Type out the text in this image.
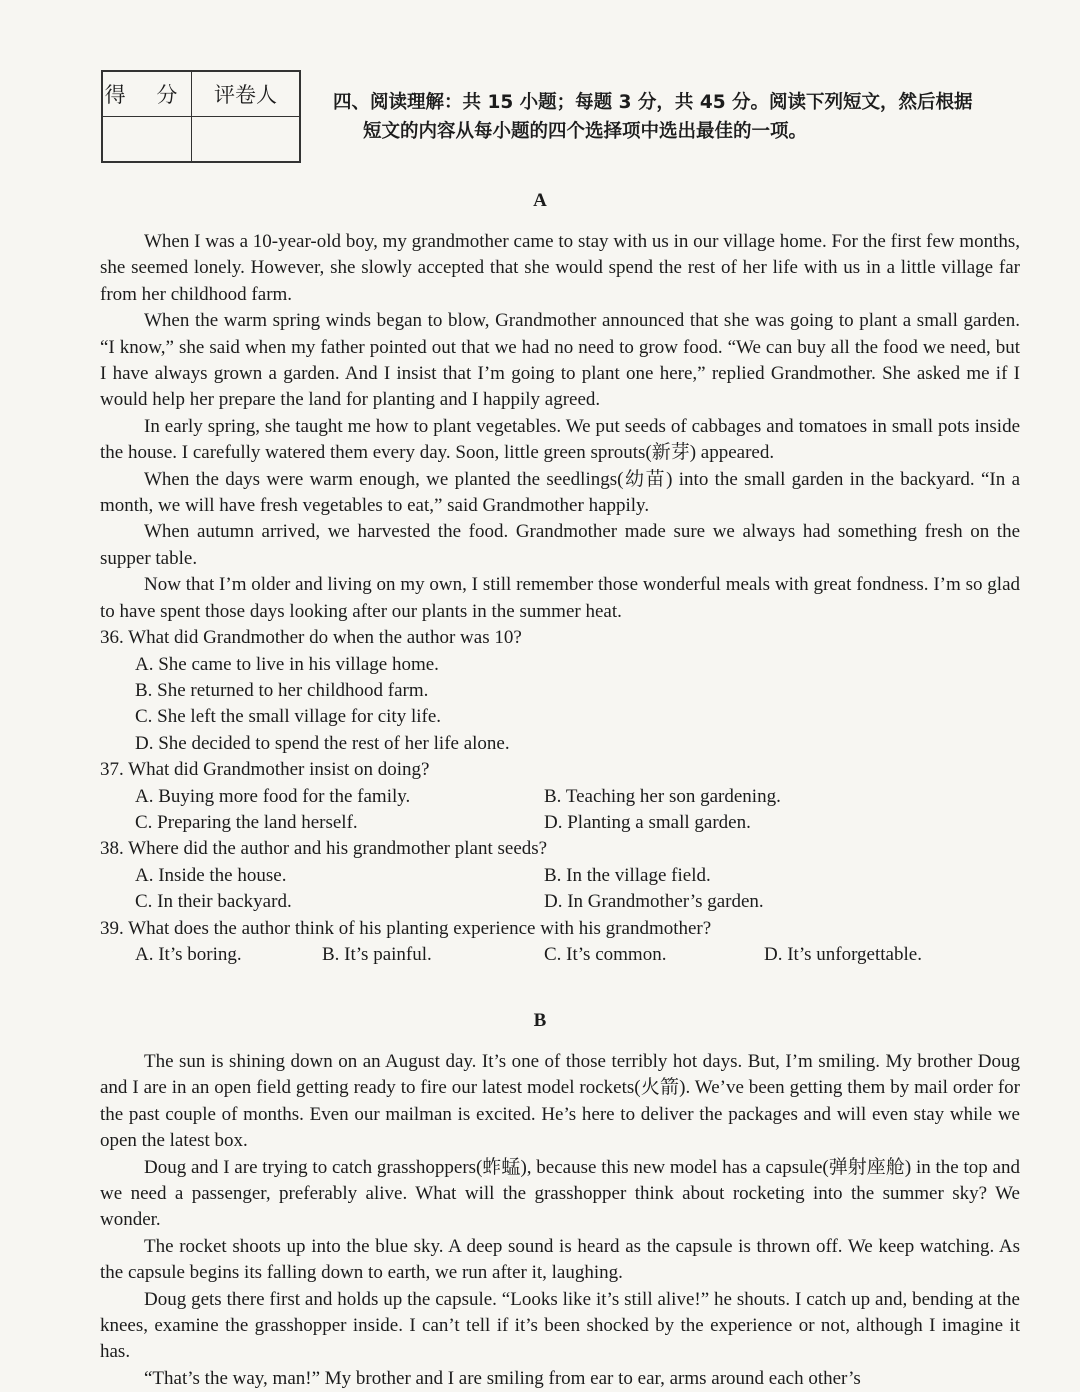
得 分	评卷人
		四、阅读理解：共 15 小题；每题 3 分，共 45 分。阅读下列短文，然后根据
短文的内容从每小题的四个选择项中选出最佳的一项。
A

When I was a 10-year-old boy, my grandmother came to stay with us in our village home. For the first few months, she seemed lonely. However, she slowly accepted that she would spend the rest of her life with us in a little village far from her childhood farm.

When the warm spring winds began to blow, Grandmother announced that she was going to plant a small garden. “I know,” she said when my father pointed out that we had no need to grow food. “We can buy all the food we need, but I have always grown a garden. And I insist that I’m going to plant one here,” replied Grandmother. She asked me if I would help her prepare the land for planting and I happily agreed.

In early spring, she taught me how to plant vegetables. We put seeds of cabbages and tomatoes in small pots inside the house. I carefully watered them every day. Soon, little green sprouts(新芽) appeared.

When the days were warm enough, we planted the seedlings(幼苗) into the small garden in the backyard. “In a month, we will have fresh vegetables to eat,” said Grandmother happily.

When autumn arrived, we harvested the food. Grandmother made sure we always had something fresh on the supper table.

Now that I’m older and living on my own, I still remember those wonderful meals with great fondness. I’m so glad to have spent those days looking after our plants in the summer heat.

36. What did Grandmother do when the author was 10?
A. She came to live in his village home.
B. She returned to her childhood farm.
C. She left the small village for city life.
D. She decided to spend the rest of her life alone.
37. What did Grandmother insist on doing?
A. Buying more food for the family.	B. Teaching her son gardening.
C. Preparing the land herself.	D. Planting a small garden.
38. Where did the author and his grandmother plant seeds?
A. Inside the house.	B. In the village field.
C. In their backyard.	D. In Grandmother’s garden.
39. What does the author think of his planting experience with his grandmother?
A. It’s boring.	B. It’s painful.	C. It’s common.	D. It’s unforgettable.
B

The sun is shining down on an August day. It’s one of those terribly hot days. But, I’m smiling. My brother Doug and I are in an open field getting ready to fire our latest model rockets(火箭). We’ve been getting them by mail order for the past couple of months. Even our mailman is excited. He’s here to deliver the packages and will even stay while we open the latest box.

Doug and I are trying to catch grasshoppers(蚱蜢), because this new model has a capsule(弹射座舱) in the top and we need a passenger, preferably alive. What will the grasshopper think about rocketing into the summer sky? We wonder.

The rocket shoots up into the blue sky. A deep sound is heard as the capsule is thrown off. We keep watching. As the capsule begins its falling down to earth, we run after it, laughing.

Doug gets there first and holds up the capsule. “Looks like it’s still alive!” he shouts. I catch up and, bending at the knees, examine the grasshopper inside. I can’t tell if it’s been shocked by the experience or not, although I imagine it has.

“That’s the way, man!” My brother and I are smiling from ear to ear, arms around each other’s
